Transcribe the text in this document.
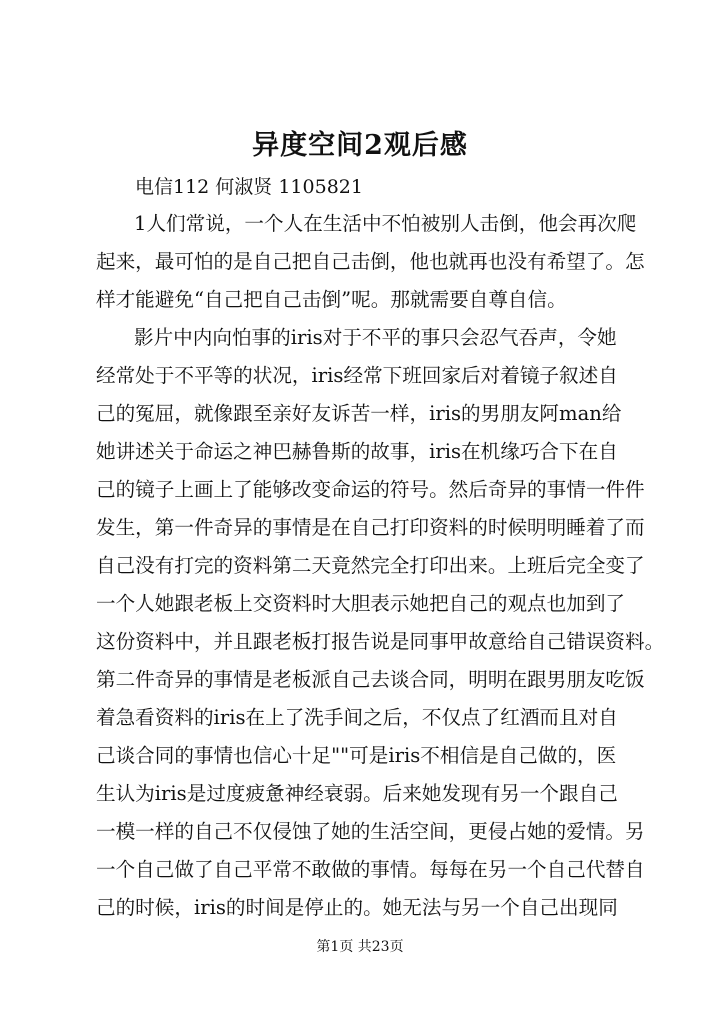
异度空间2观后感
电信112 何淑贤 1105821
1人们常说，一个人在生活中不怕被别人击倒，他会再次爬
起来，最可怕的是自己把自己击倒，他也就再也没有希望了。怎
样才能避免“自己把自己击倒”呢。那就需要自尊自信。
影片中内向怕事的iris对于不平的事只会忍气吞声，令她
经常处于不平等的状况，iris经常下班回家后对着镜子叙述自
己的冤屈，就像跟至亲好友诉苦一样，iris的男朋友阿man给
她讲述关于命运之神巴赫鲁斯的故事，iris在机缘巧合下在自
己的镜子上画上了能够改变命运的符号。然后奇异的事情一件件
发生，第一件奇异的事情是在自己打印资料的时候明明睡着了而
自己没有打完的资料第二天竟然完全打印出来。上班后完全变了
一个人她跟老板上交资料时大胆表示她把自己的观点也加到了
这份资料中，并且跟老板打报告说是同事甲故意给自己错误资料。
第二件奇异的事情是老板派自己去谈合同，明明在跟男朋友吃饭
着急看资料的iris在上了洗手间之后，不仅点了红酒而且对自
己谈合同的事情也信心十足""可是iris不相信是自己做的，医
生认为iris是过度疲惫神经衰弱。后来她发现有另一个跟自己
一模一样的自己不仅侵蚀了她的生活空间，更侵占她的爱情。另
一个自己做了自己平常不敢做的事情。每每在另一个自己代替自
己的时候，iris的时间是停止的。她无法与另一个自己出现同
第1页 共23页
